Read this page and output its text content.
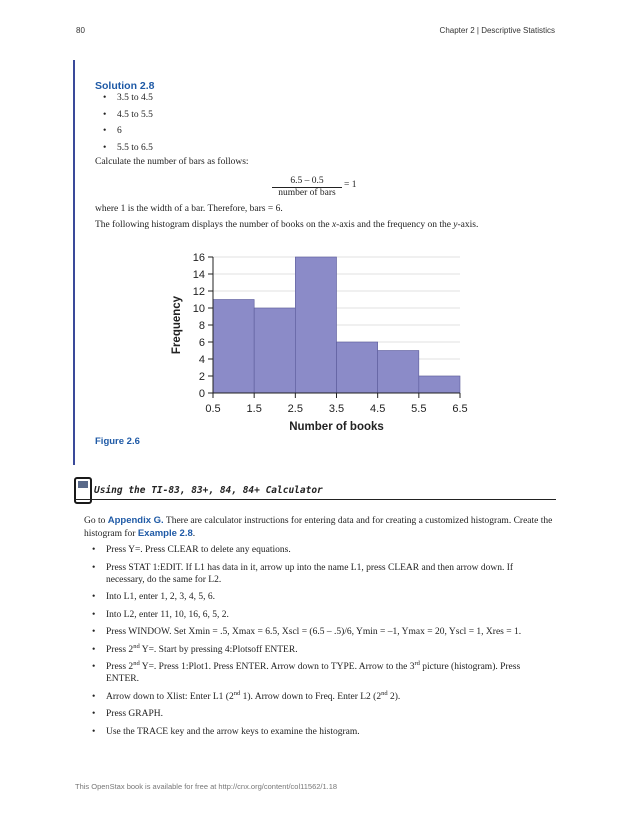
80	Chapter 2 | Descriptive Statistics
Solution 2.8
• 3.5 to 4.5
• 4.5 to 5.5
• 6
• 5.5 to 6.5
Calculate the number of bars as follows:
6.5 – 0.5
number of bars
= 1
where 1 is the width of a bar. Therefore, bars = 6.
The following histogram displays the number of books on the x-axis and the frequency on the y-axis.
0
2
4
6
8
10
12
14
16
0.5 1.5 2.5 3.5 4.5 5.5 6.5
Number of books
Frequency
Figure 2.6
Using the TI-83, 83+, 84, 84+ Calculator
Go to Appendix G. There are calculator instructions for entering data and for creating a customized histogram. Create the histogram for Example 2.8.
• Press Y=. Press CLEAR to delete any equations.
• Press STAT 1:EDIT. If L1 has data in it, arrow up into the name L1, press CLEAR and then arrow down. If necessary, do the same for L2.
• Into L1, enter 1, 2, 3, 4, 5, 6.
• Into L2, enter 11, 10, 16, 6, 5, 2.
• Press WINDOW. Set Xmin = .5, Xmax = 6.5, Xscl = (6.5 – .5)/6, Ymin = –1, Ymax = 20, Yscl = 1, Xres = 1.
• Press 2nd Y=. Start by pressing 4:Plotsoff ENTER.
• Press 2nd Y=. Press 1:Plot1. Press ENTER. Arrow down to TYPE. Arrow to the 3rd picture (histogram). Press ENTER.
• Arrow down to Xlist: Enter L1 (2nd 1). Arrow down to Freq. Enter L2 (2nd 2).
• Press GRAPH.
• Use the TRACE key and the arrow keys to examine the histogram.
This OpenStax book is available for free at http://cnx.org/content/col11562/1.18
